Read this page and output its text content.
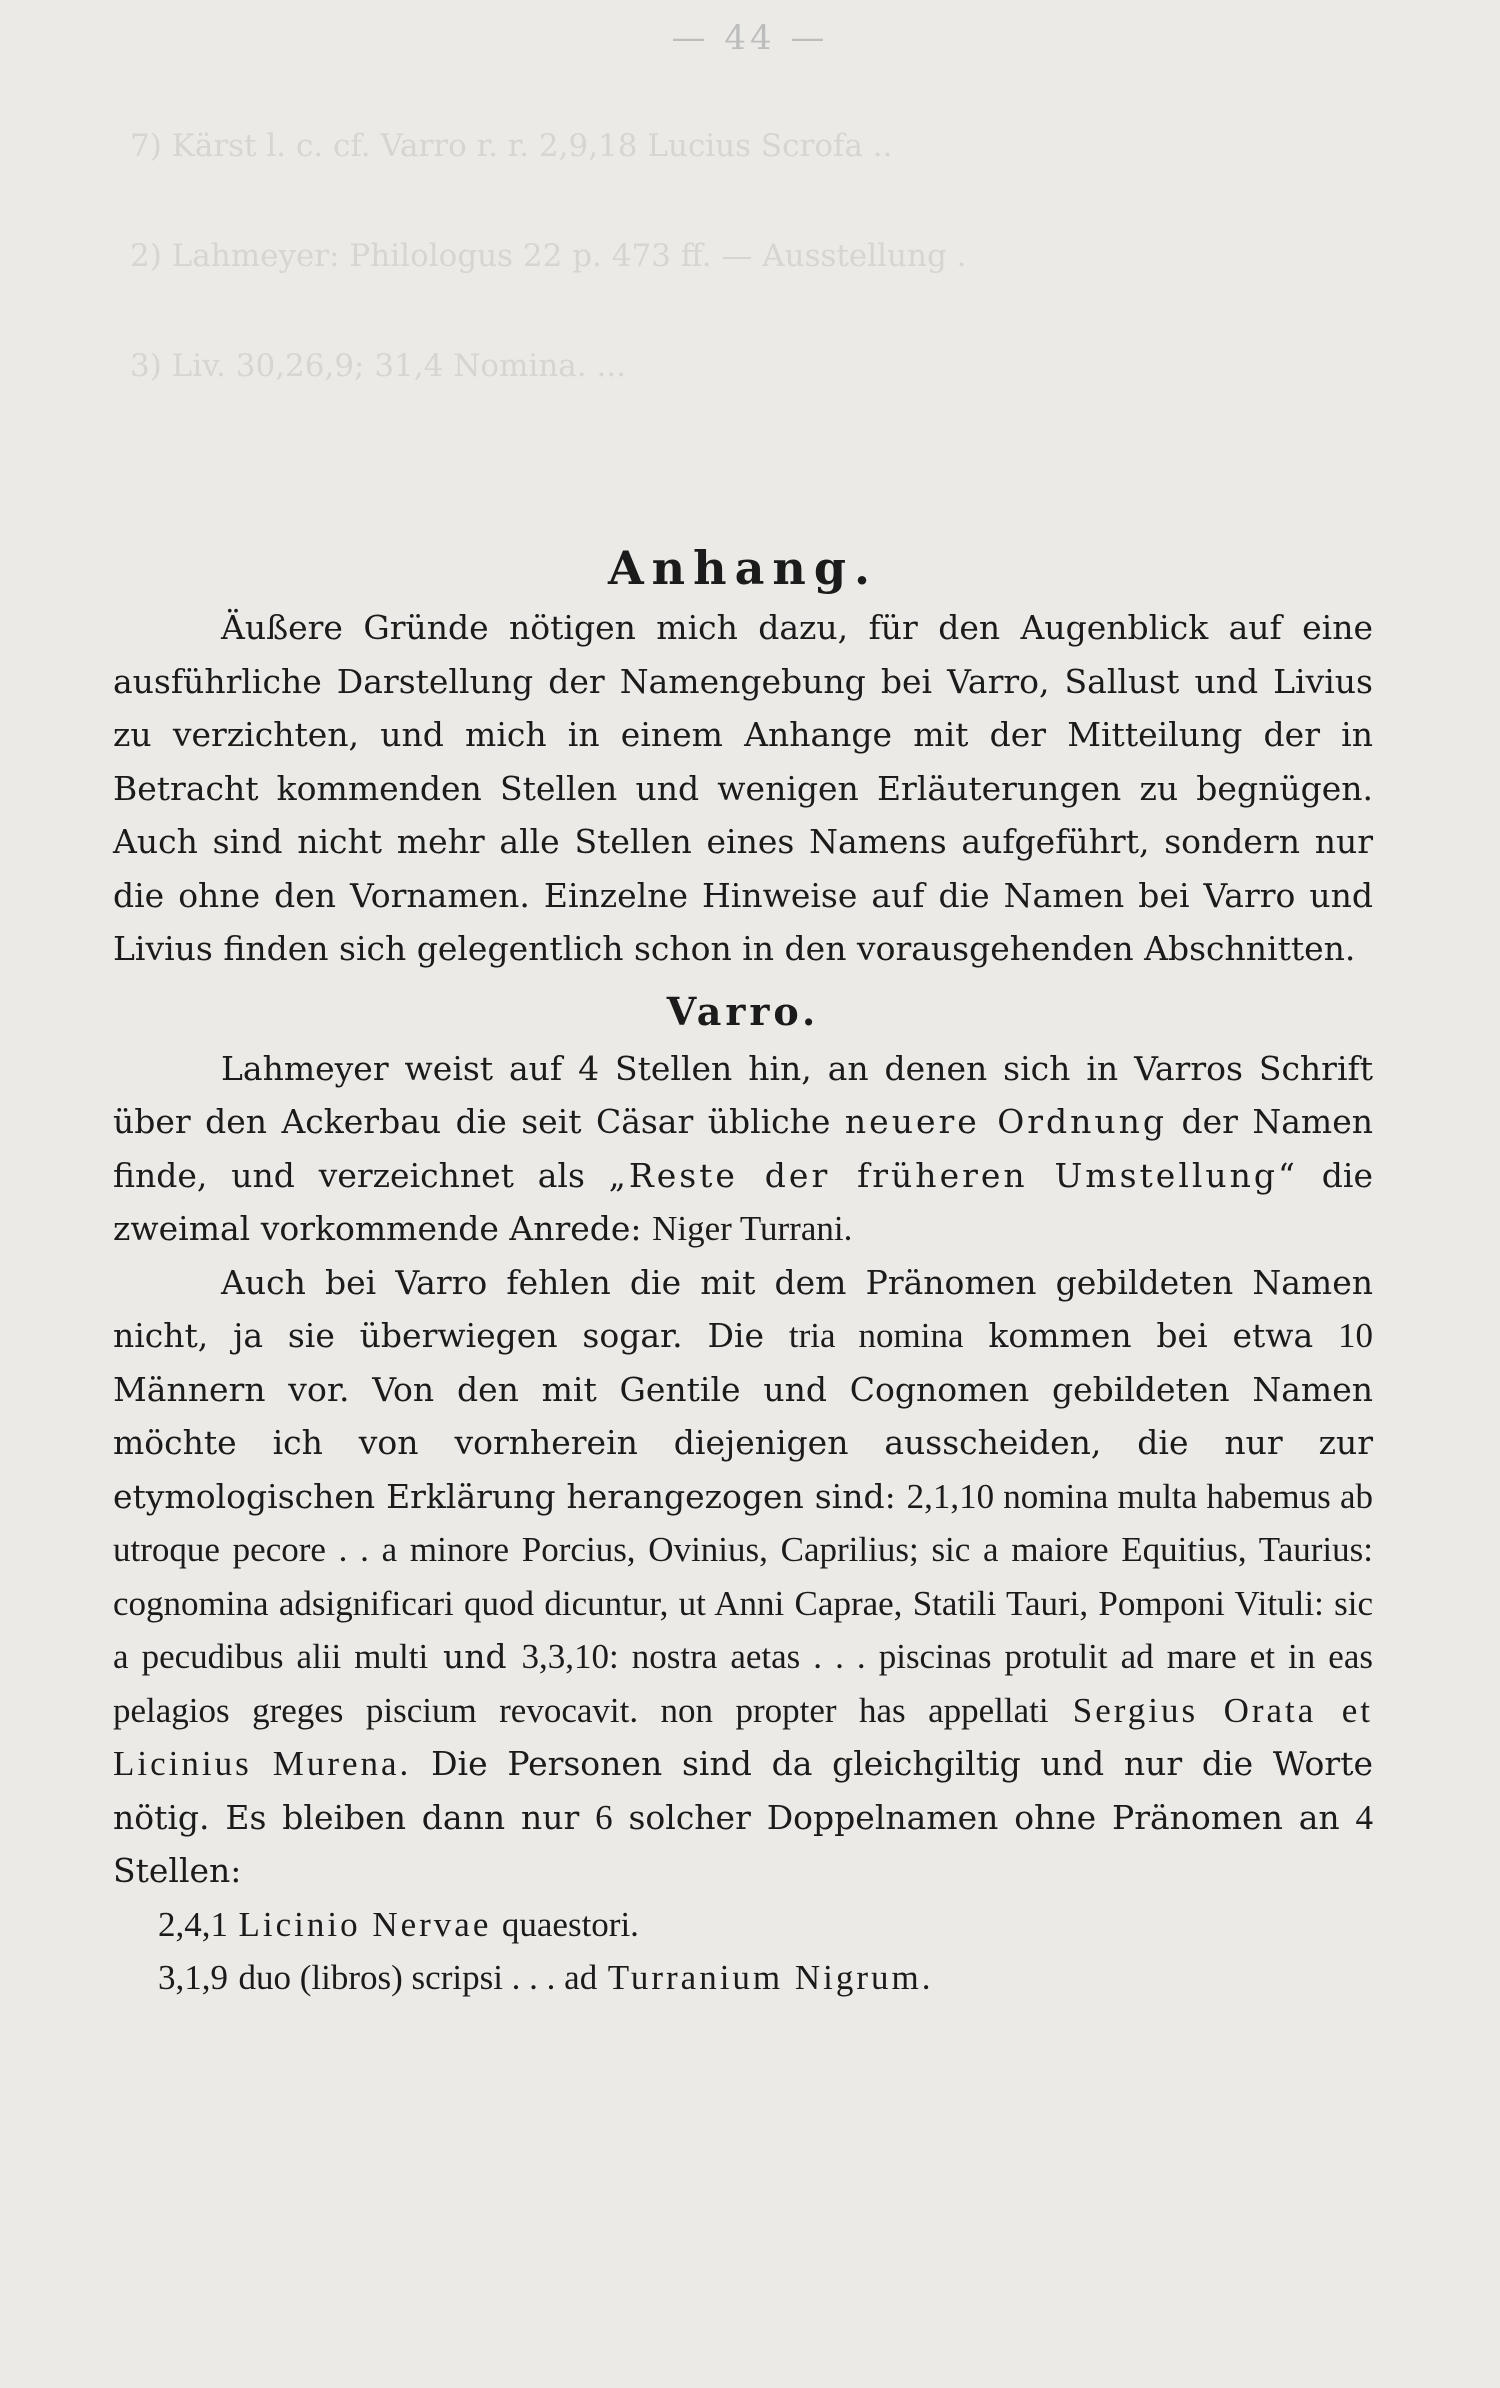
— 44 —
7) Kärst l. c. cf. Varro r. r. 2,9,18 Lucius Scrofa ..
2) Lahmeyer: Philologus 22 p. 473 ff. — Ausstellung .
3) Liv. 30,26,9; 31,4 Nomina. ...
Anhang.

Äußere Gründe nötigen mich dazu, für den Augenblick auf eine ausführliche Darstellung der Namengebung bei Varro, Sallust und Livius zu verzichten, und mich in einem Anhange mit der Mitteilung der in Betracht kommenden Stellen und wenigen Erläuterungen zu begnügen. Auch sind nicht mehr alle Stellen eines Namens aufgeführt, sondern nur die ohne den Vornamen. Einzelne Hinweise auf die Namen bei Varro und Livius finden sich gelegentlich schon in den vorausgehenden Abschnitten.

Varro.

Lahmeyer weist auf 4 Stellen hin, an denen sich in Varros Schrift über den Ackerbau die seit Cäsar übliche neuere Ordnung der Namen finde, und verzeichnet als „Reste der früheren Umstellung“ die zweimal vorkommende Anrede: Niger Turrani.

Auch bei Varro fehlen die mit dem Pränomen gebildeten Namen nicht, ja sie überwiegen sogar. Die tria nomina kommen bei etwa 10 Männern vor. Von den mit Gentile und Cognomen gebildeten Namen möchte ich von vornherein diejenigen ausscheiden, die nur zur etymologischen Erklärung herangezogen sind: 2,1,10 nomina multa habemus ab utroque pecore . . a minore Porcius, Ovinius, Caprilius; sic a maiore Equitius, Taurius: cognomina adsignificari quod dicuntur, ut Anni Caprae, Statili Tauri, Pomponi Vituli: sic a pecudibus alii multi und 3,3,10: nostra aetas . . . piscinas protulit ad mare et in eas pelagios greges piscium revocavit. non propter has appellati Sergius Orata et Licinius Murena. Die Personen sind da gleichgiltig und nur die Worte nötig. Es bleiben dann nur 6 solcher Doppelnamen ohne Pränomen an 4 Stellen:

2,4,1 Licinio Nervae quaestori.
3,1,9 duo (libros) scripsi . . . ad Turranium Nigrum.
